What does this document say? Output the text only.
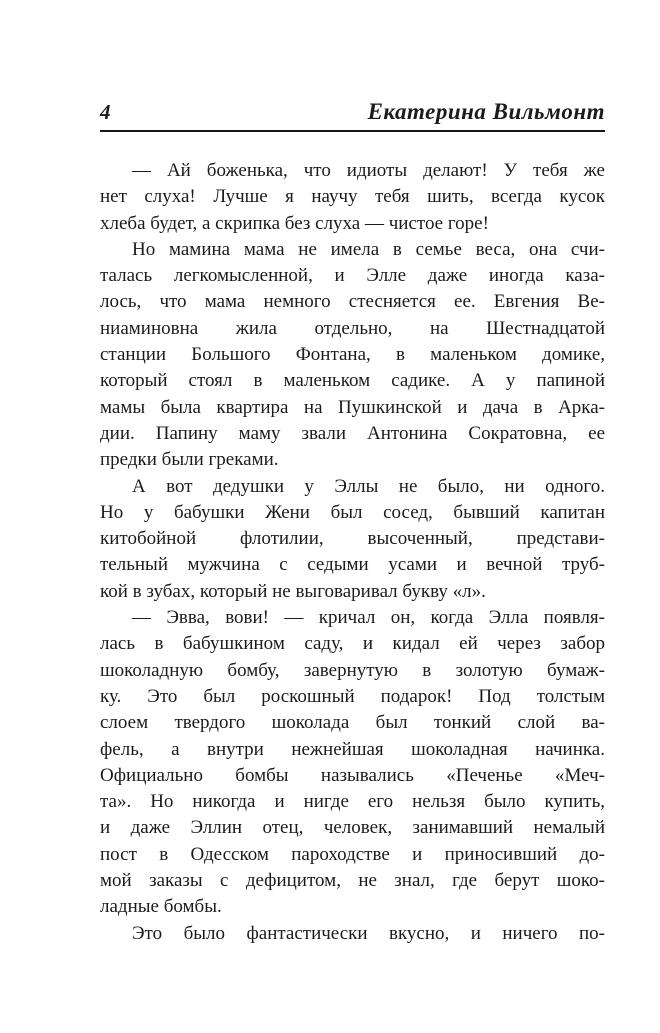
4	Екатерина Вильмонт
— Ай боженька, что идиоты делают! У тебя же
нет слуха! Лучше я научу тебя шить, всегда кусок
хлеба будет, а скрипка без слуха — чистое горе!
Но мамина мама не имела в семье веса, она счи-
талась легкомысленной, и Элле даже иногда каза-
лось, что мама немного стесняется ее. Евгения Ве-
ниаминовна жила отдельно, на Шестнадцатой
станции Большого Фонтана, в маленьком домике,
который стоял в маленьком садике. А у папиной
мамы была квартира на Пушкинской и дача в Арка-
дии. Папину маму звали Антонина Сократовна, ее
предки были греками.
А вот дедушки у Эллы не было, ни одного.
Но у бабушки Жени был сосед, бывший капитан
китобойной флотилии, высоченный, представи-
тельный мужчина с седыми усами и вечной труб-
кой в зубах, который не выговаривал букву «л».
— Эвва, вови! — кричал он, когда Элла появля-
лась в бабушкином саду, и кидал ей через забор
шоколадную бомбу, завернутую в золотую бумаж-
ку. Это был роскошный подарок! Под толстым
слоем твердого шоколада был тонкий слой ва-
фель, а внутри нежнейшая шоколадная начинка.
Официально бомбы назывались «Печенье «Меч-
та». Но никогда и нигде его нельзя было купить,
и даже Эллин отец, человек, занимавший немалый
пост в Одесском пароходстве и приносивший до-
мой заказы с дефицитом, не знал, где берут шоко-
ладные бомбы.
Это было фантастически вкусно, и ничего по-
